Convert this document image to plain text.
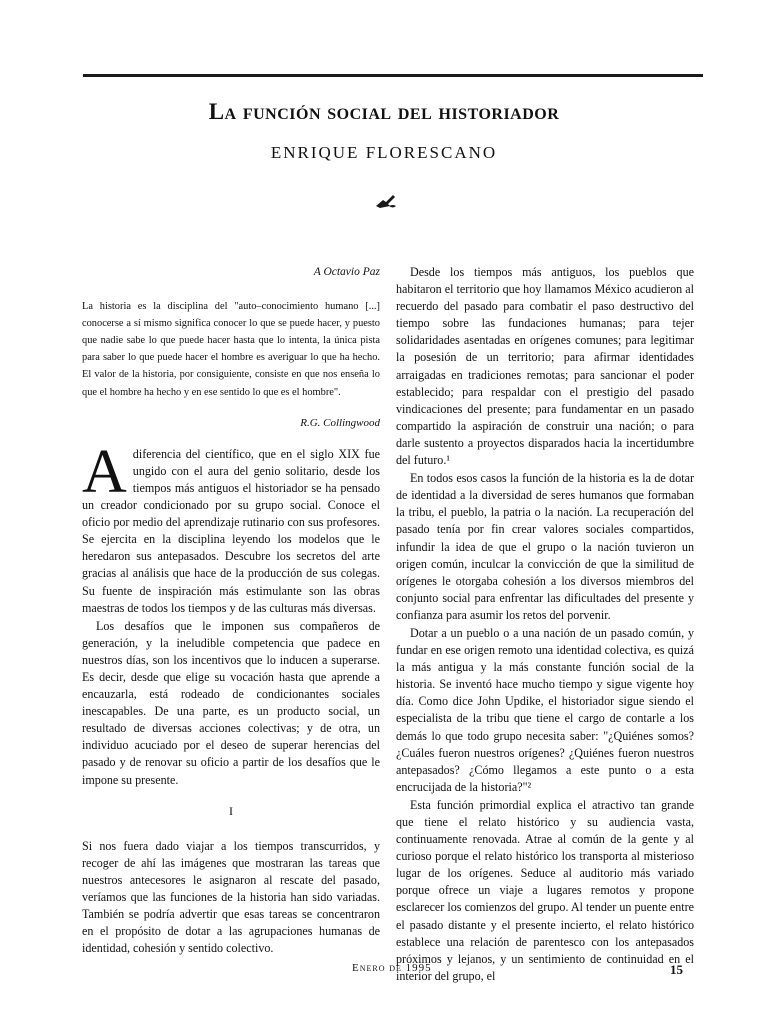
La función social del historiador
ENRIQUE FLORESCANO
A Octavio Paz
La historia es la disciplina del "auto–conocimiento humano [...] conocerse a sí mismo significa conocer lo que se puede hacer, y puesto que nadie sabe lo que puede hacer hasta que lo intenta, la única pista para saber lo que puede hacer el hombre es averiguar lo que ha hecho. El valor de la historia, por consiguiente, consiste en que nos enseña lo que el hombre ha hecho y en ese sentido lo que es el hombre".
R.G. Collingwood

Adiferencia del científico, que en el siglo XIX fue ungido con el aura del genio solitario, desde los tiempos más antiguos el historiador se ha pensado un creador condicionado por su grupo social. Conoce el oficio por medio del aprendizaje rutinario con sus profesores. Se ejercita en la disciplina leyendo los modelos que le heredaron sus antepasados. Descubre los secretos del arte gracias al análisis que hace de la producción de sus colegas. Su fuente de inspiración más estimulante son las obras maestras de todos los tiempos y de las culturas más diversas.

Los desafíos que le imponen sus compañeros de generación, y la ineludible competencia que padece en nuestros días, son los incentivos que lo inducen a superarse. Es decir, desde que elige su vocación hasta que aprende a encauzarla, está rodeado de condicionantes sociales inescapables. De una parte, es un producto social, un resultado de diversas acciones colectivas; y de otra, un individuo acuciado por el deseo de superar herencias del pasado y de renovar su oficio a partir de los desafíos que le impone su presente.

I

Si nos fuera dado viajar a los tiempos transcurridos, y recoger de ahí las imágenes que mostraran las tareas que nuestros antecesores le asignaron al rescate del pasado, veríamos que las funciones de la historia han sido variadas. También se podría advertir que esas tareas se concentraron en el propósito de dotar a las agrupaciones humanas de identidad, cohesión y sentido colectivo.

Desde los tiempos más antiguos, los pueblos que habitaron el territorio que hoy llamamos México acudieron al recuerdo del pasado para combatir el paso destructivo del tiempo sobre las fundaciones humanas; para tejer solidaridades asentadas en orígenes comunes; para legitimar la posesión de un territorio; para afirmar identidades arraigadas en tradiciones remotas; para sancionar el poder establecido; para respaldar con el prestigio del pasado vindicaciones del presente; para fundamentar en un pasado compartido la aspiración de construir una nación; o para darle sustento a proyectos disparados hacia la incertidumbre del futuro.¹

En todos esos casos la función de la historia es la de dotar de identidad a la diversidad de seres humanos que formaban la tribu, el pueblo, la patria o la nación. La recuperación del pasado tenía por fin crear valores sociales compartidos, infundir la idea de que el grupo o la nación tuvieron un origen común, inculcar la convicción de que la similitud de orígenes le otorgaba cohesión a los diversos miembros del conjunto social para enfrentar las dificultades del presente y confianza para asumir los retos del porvenir.

Dotar a un pueblo o a una nación de un pasado común, y fundar en ese origen remoto una identidad colectiva, es quizá la más antigua y la más constante función social de la historia. Se inventó hace mucho tiempo y sigue vigente hoy día. Como dice John Updike, el historiador sigue siendo el especialista de la tribu que tiene el cargo de contarle a los demás lo que todo grupo necesita saber: "¿Quiénes somos? ¿Cuáles fueron nuestros orígenes? ¿Quiénes fueron nuestros antepasados? ¿Cómo llegamos a este punto o a esta encrucijada de la historia?"²

Esta función primordial explica el atractivo tan grande que tiene el relato histórico y su audiencia vasta, continuamente renovada. Atrae al común de la gente y al curioso porque el relato histórico los transporta al misterioso lugar de los orígenes. Seduce al auditorio más variado porque ofrece un viaje a lugares remotos y propone esclarecer los comienzos del grupo. Al tender un puente entre el pasado distante y el presente incierto, el relato histórico establece una relación de parentesco con los antepasados próximos y lejanos, y un sentimiento de continuidad en el interior del grupo, el

Enero de 1995	15
